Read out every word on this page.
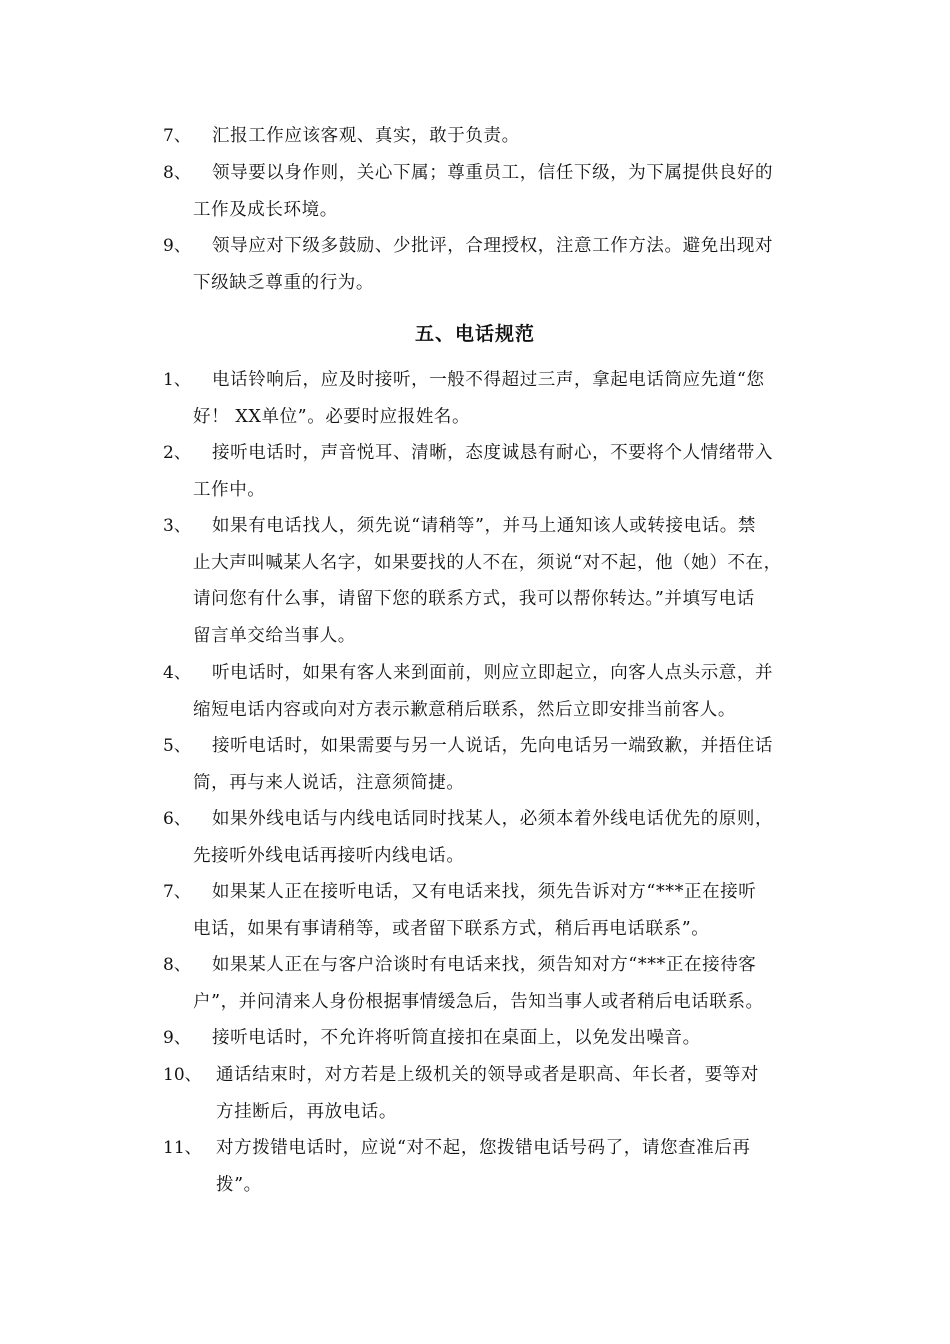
7、 汇报工作应该客观、真实，敢于负责。
8、 领导要以身作则，关心下属；尊重员工，信任下级，为下属提供良好的
工作及成长环境。
9、 领导应对下级多鼓励、少批评，合理授权，注意工作方法。避免出现对
下级缺乏尊重的行为。
五、电话规范
1、 电话铃响后，应及时接听，一般不得超过三声，拿起电话筒应先道“您
好！ XX单位”。必要时应报姓名。
2、 接听电话时，声音悦耳、清晰，态度诚恳有耐心，不要将个人情绪带入
工作中。
3、 如果有电话找人，须先说“请稍等”，并马上通知该人或转接电话。禁
止大声叫喊某人名字，如果要找的人不在，须说“对不起，他（她）不在，
请问您有什么事，请留下您的联系方式，我可以帮你转达。”并填写电话
留言单交给当事人。
4、 听电话时，如果有客人来到面前，则应立即起立，向客人点头示意，并
缩短电话内容或向对方表示歉意稍后联系，然后立即安排当前客人。
5、 接听电话时，如果需要与另一人说话，先向电话另一端致歉，并捂住话
筒，再与来人说话，注意须简捷。
6、 如果外线电话与内线电话同时找某人，必须本着外线电话优先的原则，
先接听外线电话再接听内线电话。
7、 如果某人正在接听电话，又有电话来找，须先告诉对方“***正在接听
电话，如果有事请稍等，或者留下联系方式，稍后再电话联系”。
8、 如果某人正在与客户洽谈时有电话来找，须告知对方“***正在接待客
户”，并问清来人身份根据事情缓急后，告知当事人或者稍后电话联系。
9、 接听电话时，不允许将听筒直接扣在桌面上，以免发出噪音。
10、 通话结束时，对方若是上级机关的领导或者是职高、年长者，要等对
方挂断后，再放电话。
11、 对方拨错电话时，应说“对不起，您拨错电话号码了，请您查准后再
拨”。
